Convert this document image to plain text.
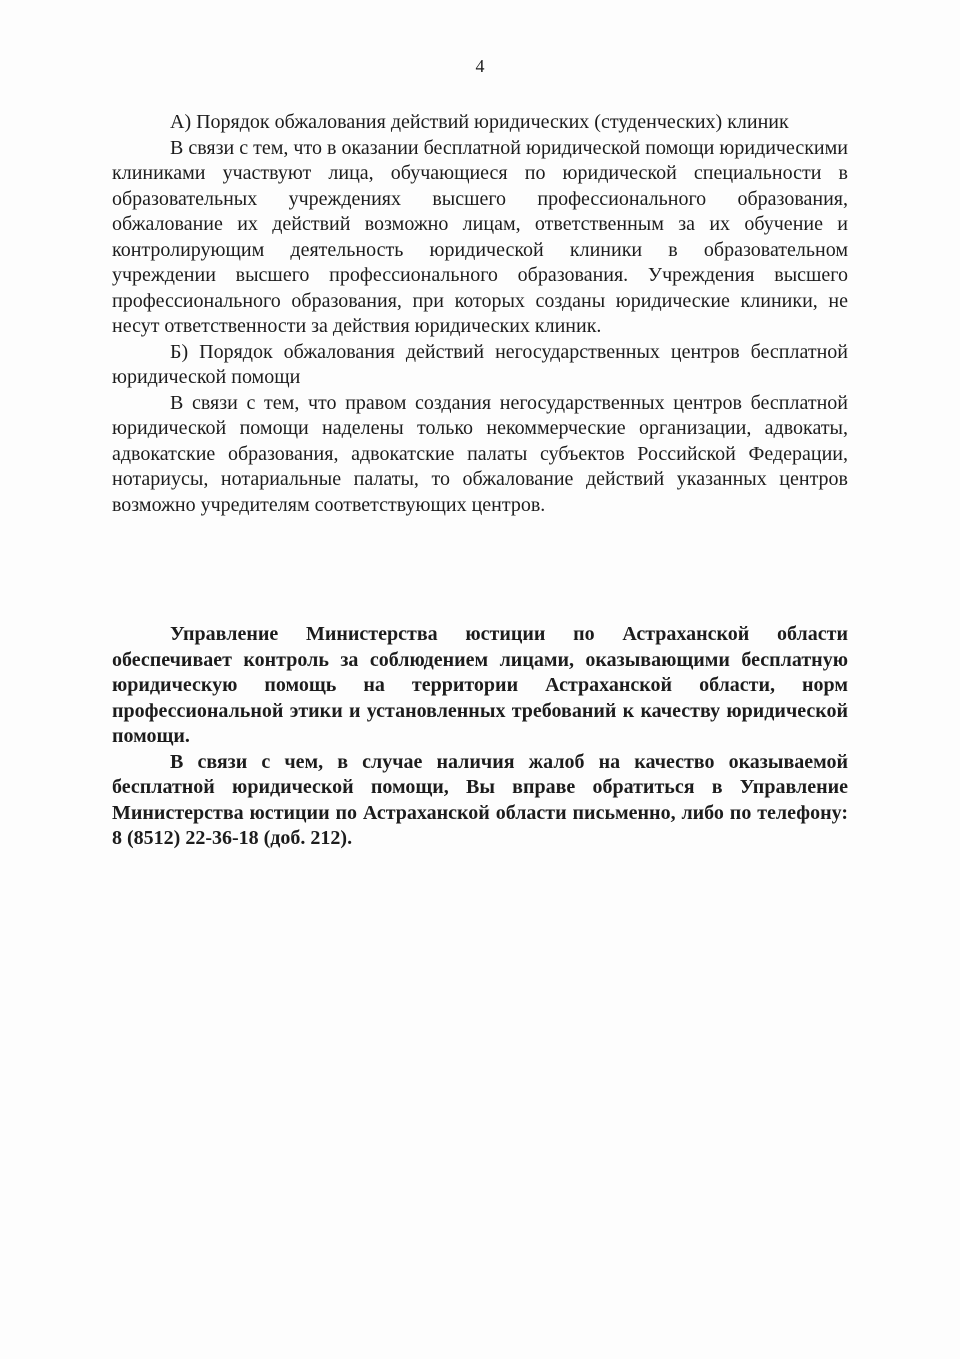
4

А) Порядок обжалования действий юридических (студенческих) клиник

В связи с тем, что в оказании бесплатной юридической помощи юридическими клиниками участвуют лица, обучающиеся по юридической специальности в образовательных учреждениях высшего профессионального образования, обжалование их действий возможно лицам, ответственным за их обучение и контролирующим деятельность юридической клиники в образовательном учреждении высшего профессионального образования. Учреждения высшего профессионального образования, при которых созданы юридические клиники, не несут ответственности за действия юридических клиник.

Б) Порядок обжалования действий негосударственных центров бесплатной юридической помощи

В связи с тем, что правом создания негосударственных центров бесплатной юридической помощи наделены только некоммерческие организации, адвокаты, адвокатские образования, адвокатские палаты субъектов Российской Федерации, нотариусы, нотариальные палаты, то обжалование действий указанных центров возможно учредителям соответствующих центров.

Управление Министерства юстиции по Астраханской области обеспечивает контроль за соблюдением лицами, оказывающими бесплатную юридическую помощь на территории Астраханской области, норм профессиональной этики и установленных требований к качеству юридической помощи.

В связи с чем, в случае наличия жалоб на качество оказываемой бесплатной юридической помощи, Вы вправе обратиться в Управление Министерства юстиции по Астраханской области письменно, либо по телефону: 8 (8512) 22-36-18 (доб. 212).
